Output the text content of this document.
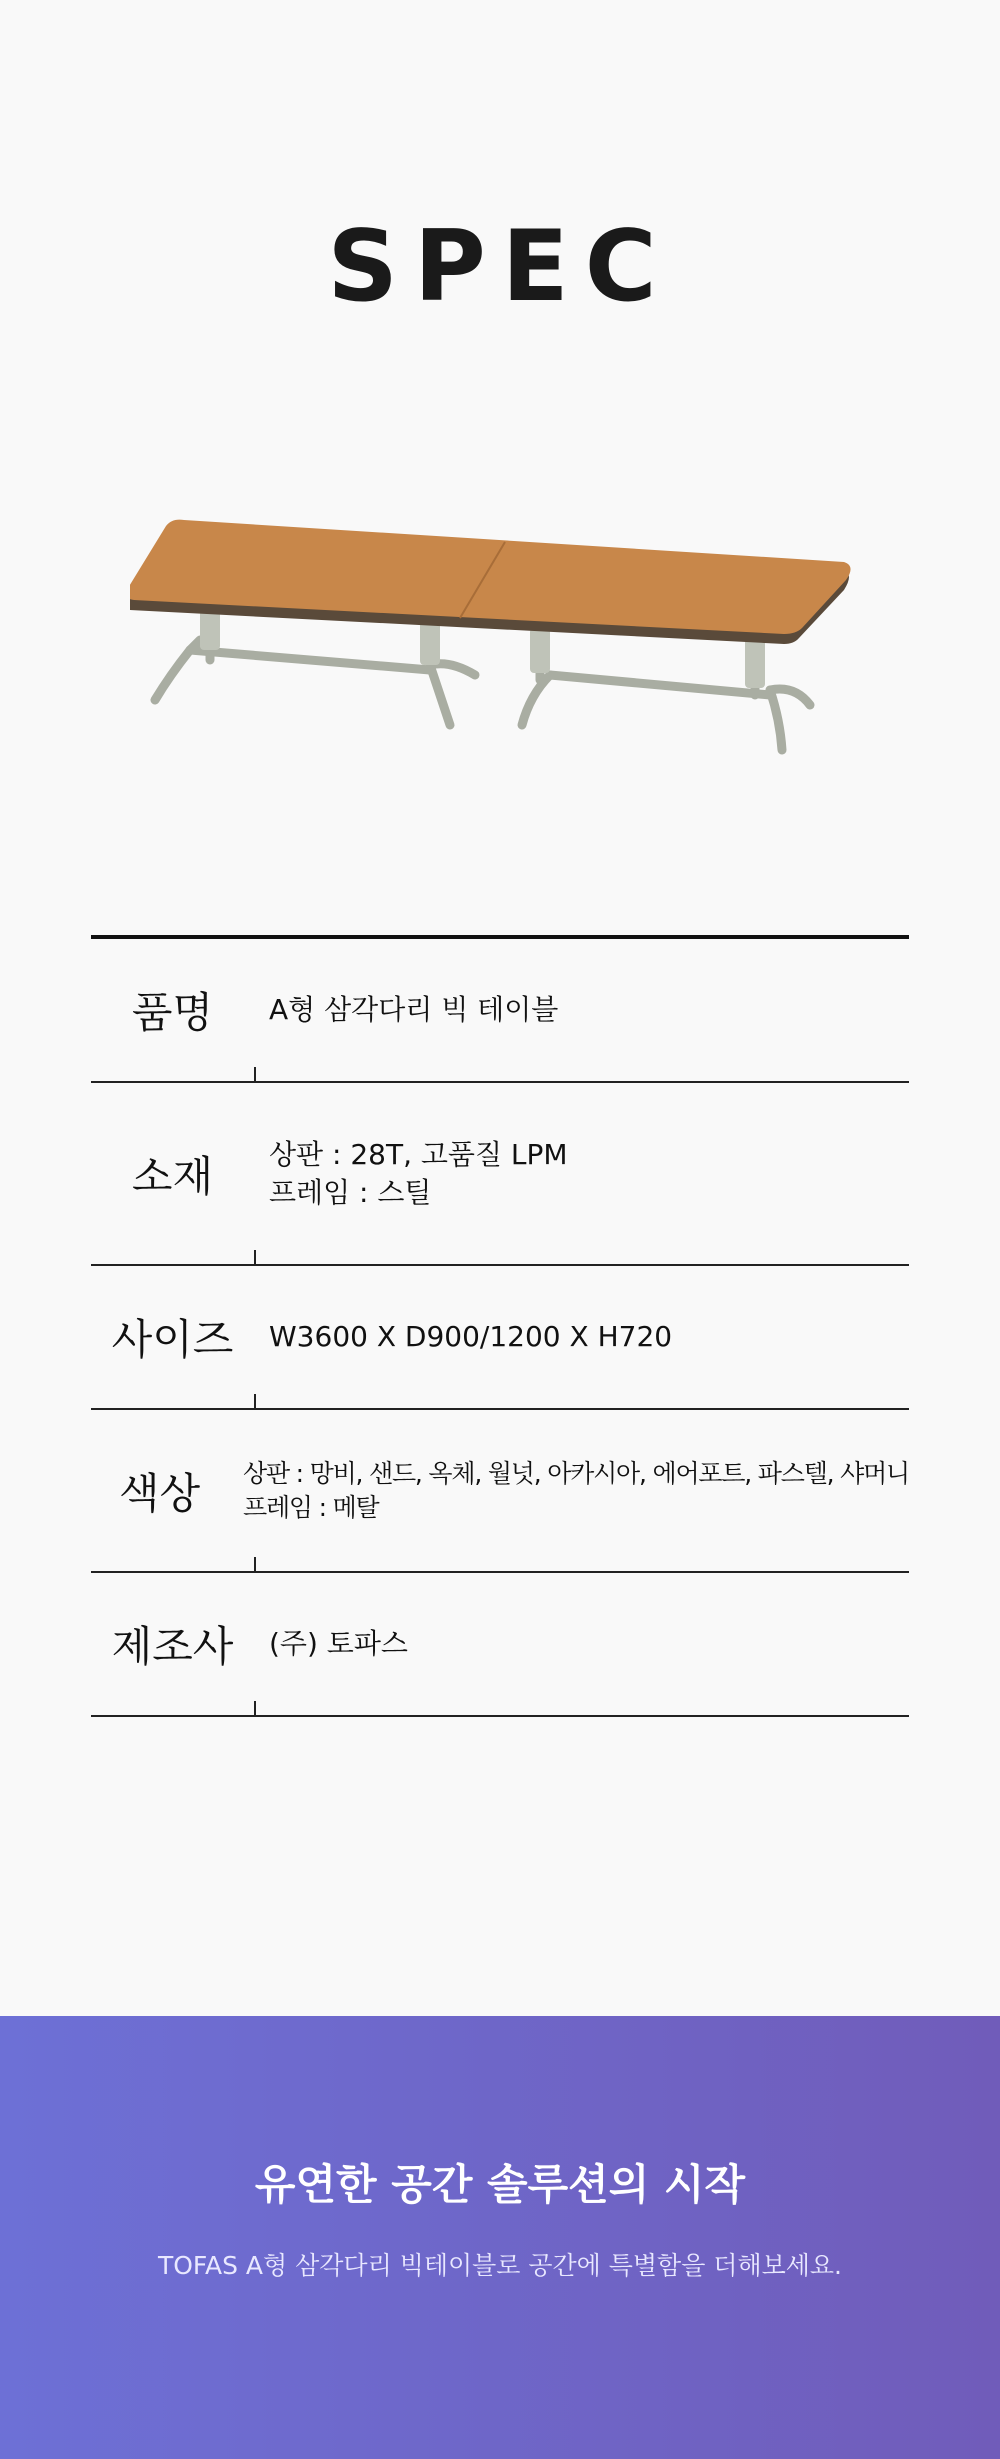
SPEC
품명	A형 삼각다리 빅 테이블
소재	상판 : 28T, 고품질 LPM
프레임 : 스틸
사이즈	W3600 X D900/1200 X H720
색상	상판 : 망비, 샌드, 옥체, 월넛, 아카시아, 에어포트, 파스텔, 샤머니
프레임 : 메탈
제조사	(주) 토파스
유연한 공간 솔루션의 시작
TOFAS A형 삼각다리 빅테이블로 공간에 특별함을 더해보세요.
